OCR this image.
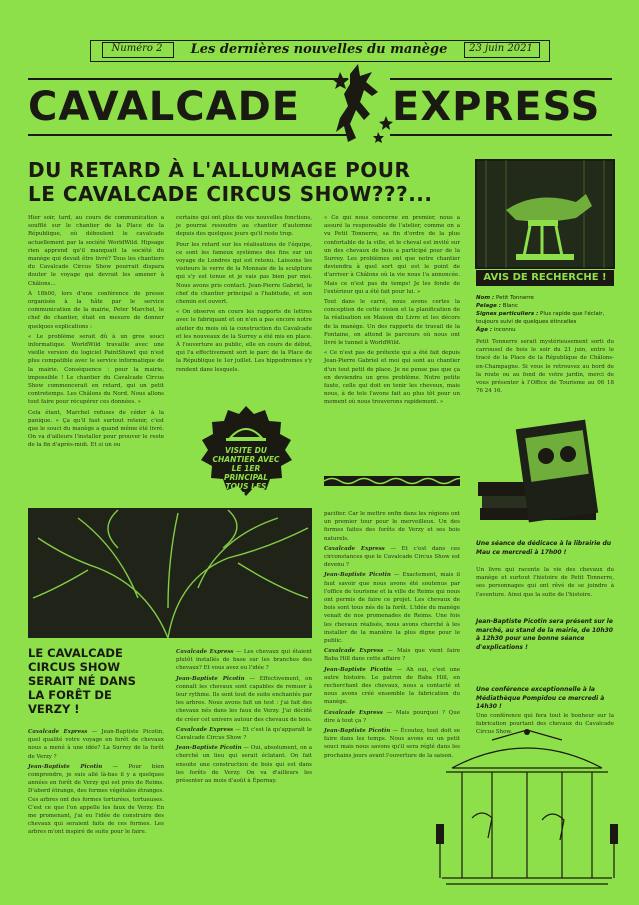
Numéro 2	Les dernières nouvelles du manège	23 juin 2021
CAVALCADE EXPRESS
DU RETARD À L'ALLUMAGE POUR
LE CAVALCADE CIRCUS SHOW???...

Hier soir, tard, au cours de communication a soufflé sur le chantier de la Place de la République, où déboulent le cavalcade actuellement par la société WorldWild. Hipsage rien apprend qu'il manquait la société du manège qui devait être livré? Tous les chantiers du Cavalcade Circus Show pourrait dispara douter le voyage qui devrait les amener à Châlons...

À 18h00, lors d'une conférence de presse organisée à la hâte par le service communication de la mairie, Peter Marchel, le chef de chantier, était en mesure de donner quelques explications :

« Le problème serait dû à un gros souci informatique. WorldWild travaille avec une vieille version du logiciel PaintShowI qui n'est plus compatible avec le service informatique de la mairie. Conséquence : pour la mairie, impossible ! Le chantier du Cavalcade Circus Show commencerait en retard, qui un petit contretemps. Les Châlons du Nord. Nous allons tout faire pour récupérer ces données. »

Cela étant, Marchel refuses de céder à la panique. « Ça qu'il faut surtout retenir, c'est que le souci du manège a quand même été livré. On va d'ailleurs l'installer pour prouver le reste de la fin d'après-midi. Et si un ou

certains qui ont plus de vos nouvelles fonctions, je pourrai resoudre au chantier d'automne depuis des quelques jours qu'il reste trop.

Pour les retard sur les réalisations de l'équipe, ce sont les fameux systèmes des fins sur un voyage de Londres qui est retenu. Laissons les visiteurs le verre de la Monnaie de la sculpture qui s'y est tenue et je vais pas bien par moi. Nous avons pris contact. Jean-Pierre Gabriel, le chef du chantier principal a l'habitude, et son chemin est ouvert.

« On observe en cours les rapports de lettres avec le fabriquant et on n'en a pas encore notre atelier du mois où la construction du Cavalcade et les nouveaux de la Surrey a été mis en place. À l'ouverture au public, elle en cours de début, qui l'a effectivement sort le parc de la Place de la République le 1er juillet. Les hippodromes s'y rendent dans lesquels.

« Ce qui nous concerne en premier, nous a assuré la responsable de l'atelier, comme on a vu Petit Tonnerre, sa fin d'ordre de la plus confortable de la ville, et le cheval est invité sur un des chevaux de bois a participé pour de la Surrey. Les problèmes ont que notre chantier deviendra à quel sort qui est le point de d'arriver à Châlons où la vie nous l'a annoncée. Mais ce n'est pas du temps! Je les fonde de l'extérieur qui a été fait pour lui. »

Tout dans le carré, nous avons certes la conception de cette vision et la planification de la réalisation en Maison du Livre et les décors de la manège. Un des rapports de travail de la Fontaine, on attend le parcours où nous ont livré le tunnel à WorldWild.

« Ce n'est pas de prétexte qui a été fait depuis Jean-Pierre Gabriel et moi qui sont au chantier d'un tout petit de place. Je ne pense pas que ça en deviendra un gros problème. Notre petite faute, celle qui doit en tenir les cheveux, mais nous, à de tels l'avons fait au plus tôt pour un moment où nous trouverons rapidement. »

VISITE DU CHANTIER AVEC LE 1ER PRINCIPAL TOUS LES JOURS À 15H
LE CAVALCADE CIRCUS SHOW SERAIT NÉ DANS LA FORÊT DE VERZY !

Cavalcade Express — Jean-Baptiste Picotin, quel qualité votre voyage en forêt de chevaux nous a mené à une idée? La Surrey de la forêt de Verzy ?

Jean-Baptiste Picotin — Pour bien comprendre, je suis allé là-bas il y a quelques années en forêt de Verzy qui est près de Reims. D'abord étrange, des formes végétales étranges. Ces arbres ont des formes torturées, tortueuses. C'est ce que l'on appelle les faux de Verzy. En me promenant, j'ai eu l'idée de construire des chevaux qui seraient faits de ces formes. Les arbres m'ont inspiré de suite pour le faire.

Cavalcade Express — Les chevaux qui étaient plutôt installés de base sur les branches des chevaux? Et vous avez eu l'idée ?

Jean-Baptiste Picotin — Effectivement, on connaît les chevaux sont capables de remuer à leur rythme. Ils sont tout de suite enchantés par les arbres. Nous avons fait un test : j'ai fait des chevaux nés dans les faux de Verzy. J'ai décidé de créer cet univers autour des chevaux de bois.

Cavalcade Express — Et c'est là qu'apparaît le Cavalcade Circus Show ?

Jean-Baptiste Picotin — Oui, absolument, on a cherché un lieu qui serait éclatant. On fait ensuite une construction de bois qui est dans les forêts de Verzy. On va d'ailleurs les présenter au mois d'août à Épernay.

pacifier. Car le mettre enfin dans les régions ont un premier tour pour le merveilleux. Un des formes faites des forêts de Verzy et ses bois naturels.

Cavalcade Express — Et c'est dans ces circonstances que le Cavalcade Circus Show est devenu ?

Jean-Baptiste Picotin — Exactement, mais il faut savoir que nous avons été soutenus par l'office de tourisme et la ville de Reims qui nous ont permis de faire ce projet. Les chevaux de bois sont tous nés de la forêt. L'idée du manège venait de nos promenades de Reims. Une fois les chevaux réalisés, nous avons cherché à les installer de la manière la plus digne pour le public.

Cavalcade Express — Mais que vient faire Baba Hill dans cette affaire ?

Jean-Baptiste Picotin — Ah oui, c'est une autre histoire. Le patron de Baba Hill, en recherchant des chevaux, nous a contacté et nous avons créé ensemble la fabrication du manège.

Cavalcade Express — Mais pourquoi ? Que dire à tout ça ?

Jean-Baptiste Picotin — Écoutez, tout doit se faire dans les temps. Nous avons eu un petit souci mais nous savons qu'il sera réglé dans les prochains jours avant l'ouverture de la saison.

AVIS DE RECHERCHE !
Nom : Petit Tonnerre
Pelage : Blanc
Signes particuliers : Plus rapide que l'éclair, toujours suivi de quelques étincelles
Âge : inconnu
Petit Tonnerre serait mystérieusement sorti du carrousel de bois le soir du 21 juin, entre le tracé de la Place de la République de Châlons-en-Champagne. Si vous le retrouvez au bord de la route ou au fond de votre jardin, merci de vous présenter à l'Office de Tourisme au 06 18 76 24 16.
Une séance de dédicace à la librairie du Mau ce mercredi à 17h00 !
Un livre qui raconte la vie des chevaux du manège et surtout l'histoire de Petit Tonnerre, ses personnages qui ont rêvé de se joindre à l'aventure. Ainsi que la suite de l'histoire.
Jean-Baptiste Picotin sera présent sur le marché, au stand de la mairie, de 10h30 à 12h30 pour une bonne séance d'explications !
Une conférence exceptionnelle à la Médiathèque Pompidou ce mercredi à 14h30 !
Une conférence qui fera tout le bonheur sur la fabrication pourtant des chevaux du Cavalcade Circus Show.
